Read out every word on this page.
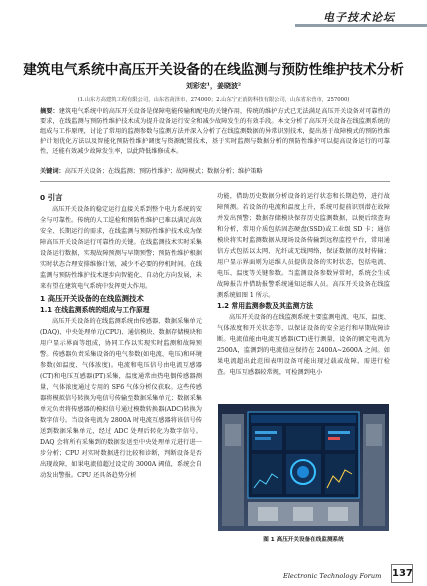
电子技术论坛
建筑电气系统中高压开关设备的在线监测与预防性维护技术分析
刘彩宏¹，姜晓波²
(1.山东方高建筑工程有限公司，山东省菏泽市，274000；2.山东宁正消防科技有限公司，山东省东营市，257000)
摘要：建筑电气系统中的高压开关设备是保障电能传输和配电的关键作用，传统的维护方式已无法满足高压开关设备对可靠性的要求，在线监测与预防性维护技术成为提升设备运行安全和减少故障发生的有效手段。本文分析了高压开关设备在线监测系统的组成与工作原理，讨论了常用的监测参数与监测方法并深入分析了在线监测数据的异常识别技术，提出基于故障模式的预防性维护计划优化方法以及智能化预防性维护调度与资源配置技术，基于实时监测与数据分析的预防性维护可以提高设备运行的可靠性，还能有效减少故障发生率，以此降低维修成本。
关键词：高压开关设备；在线监测；预防性维护；故障模式；数据分析；维护策略
0 引言

高压开关设备的稳定运行直接关系到整个电力系统的安全与可靠性。传统的人工巡检和预防性维护已难以满足高效安全、长期运行的需求，在线监测与预防性维护技术成为保障高压开关设备运行可靠性的关键。在线监测技术实时采集设备运行数据，实现故障预测与早期预警；预防性维护根据实时状态合理安排维修计划，减少不必要的停机时间。在线监测与预防性维护技术逐步向智能化、自动化方向发展，未来有望在建筑电气系统中发挥更大作用。

1 高压开关设备的在线监测技术
1.1 在线监测系统的组成与工作原理

高压开关设备的在线监测系统由传感器、数据采集单元(DAQ)、中央处理单元(CPU)、通信模块、数据存储模块和用户显示界面等组成，协同工作以实现实时监测和故障预警。传感器负责采集设备的电气参数(如电流、电压)和环境参数(如温度、气体浓度)。电流和电压信号由电流互感器(CT)和电压互感器(PT)采集，温度通常由热电偶传感器测量，气体浓度通过专用的 SF6 气体分析仪获取。这些传感器将模拟信号转换为电信号传输至数据采集单元；数据采集单元负责将传感器的模拟信号通过模数转换器(ADC)转换为数字信号。当设备电流为 2800A 时电流互感器将该信号传送到数据采集单元，经过 ADC 处理后转化为数字信号。DAQ 会将所有采集到的数据发送至中央处理单元进行进一步分析；CPU 对实时数据进行比较和诊断，判断设备是否出现故障，如果电流值超过设定的 3000A 阈值，系统会自动发出警报。CPU 还具备趋势分析

功能，借助历史数据分析设备的运行状态和长期趋势，进行故障预测。若设备的电流和温度上升，系统可提前识别潜在故障并发出预警；数据存储模块保存历史监测数据，以便后续查询和分析，常用介质包括固态硬盘(SSD)或工业级 SD 卡；通信模块将实时监测数据从现场设备传输到远程监控平台，常用通信方式包括以太网、光纤或无线网络，保证数据的及时传输；用户显示界面则为运维人员提供设备的实时状态，包括电流、电压、温度等关键参数。当监测设备参数异常时，系统会生成故障报告并借助报警系统通知运维人员。高压开关设备在线监测系统如图 1 所示。

1.2 常用监测参数及其监测方法

高压开关设备的在线监测系统主要监测电流、电压、温度、气体浓度和开关状态等，以保证设备的安全运行和早期故障诊断。电流值能由电流互感器(CT)进行测量，设备的额定电流为 2500A，监测到的电流值应保持在 2400A~2600A 之间。如果电流超出此范围表明设备可能出现过载或故障，需进行检查。电压互感器较常规，可检测到电小

图 1 高压开关设备在线监测系统
Electronic Technology Forum 137
